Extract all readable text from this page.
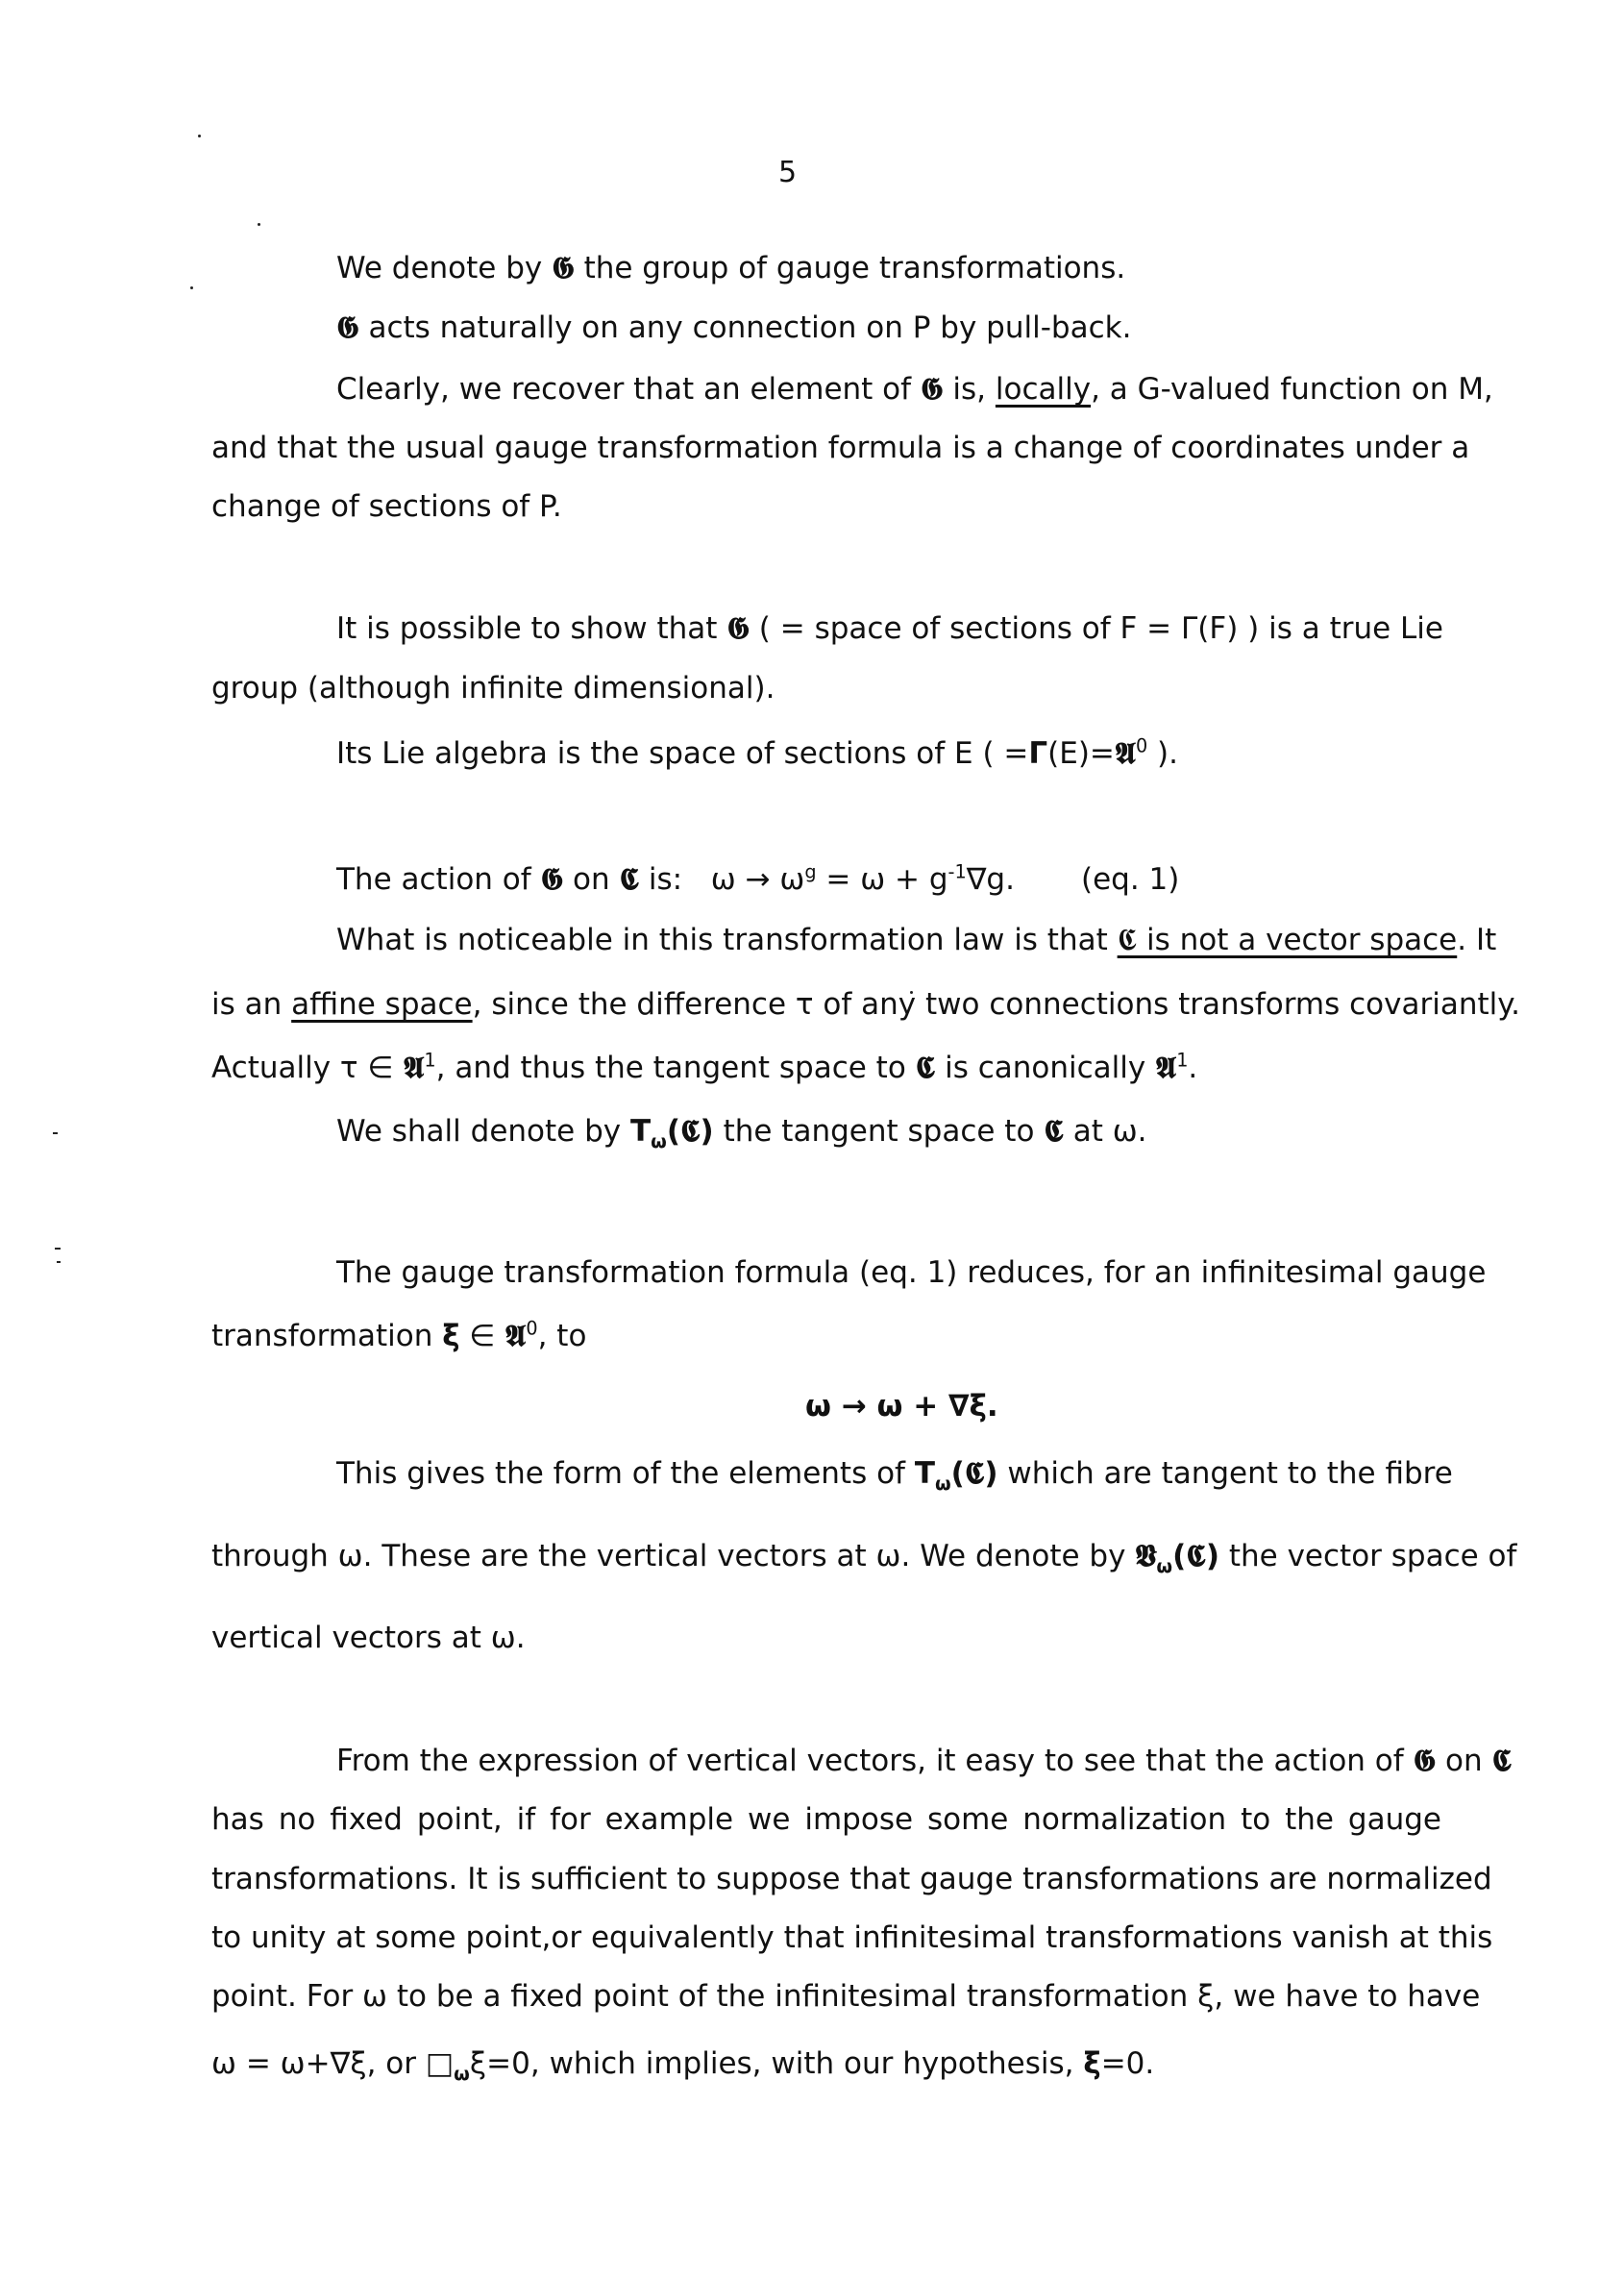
5
We denote by 𝕲 the group of gauge transformations.
𝕲 acts naturally on any connection on P by pull-back.
Clearly, we recover that an element of 𝕲 is, locally, a G-valued function on M,
and that the usual gauge transformation formula is a change of coordinates under a
change of sections of P.
It is possible to show that 𝕲 ( = space of sections of F = Γ(F) ) is a true Lie
group (although infinite dimensional).
Its Lie algebra is the space of sections of E ( =Γ(E)=𝕬$^0$ ).
The action of 𝕲 on 𝕮 is: $\omega \to \omega^g = \omega + g^{-1}\nabla g$. (eq. 1)
What is noticeable in this transformation law is that 𝕮 is not a vector space. It
is an affine space, since the difference τ of any two connections transforms covariantly.
Actually τ ∈ 𝕬$^1$, and thus the tangent space to 𝕮 is canonically 𝕬$^1$.
We shall denote by $T_\omega(𝕮)$ the tangent space to 𝕮 at ω.
The gauge transformation formula (eq. 1) reduces, for an infinitesimal gauge
transformation ξ ∈ 𝕬$^0$, to
ω → ω + ∇ξ.
This gives the form of the elements of $T_\omega(𝕮)$ which are tangent to the fibre
through ω. These are the vertical vectors at ω. We denote by 𝖁$_\omega$(𝕮) the vector space of
vertical vectors at ω.
From the expression of vertical vectors, it easy to see that the action of 𝕲 on 𝕮
has no fixed point, if for example we impose some normalization to the gauge
transformations. It is sufficient to suppose that gauge transformations are normalized
to unity at some point,or equivalently that infinitesimal transformations vanish at this
point. For ω to be a fixed point of the infinitesimal transformation ξ, we have to have
ω = ω+∇ξ, or $□_\omega\xi=0$, which implies, with our hypothesis, ξ=0.
